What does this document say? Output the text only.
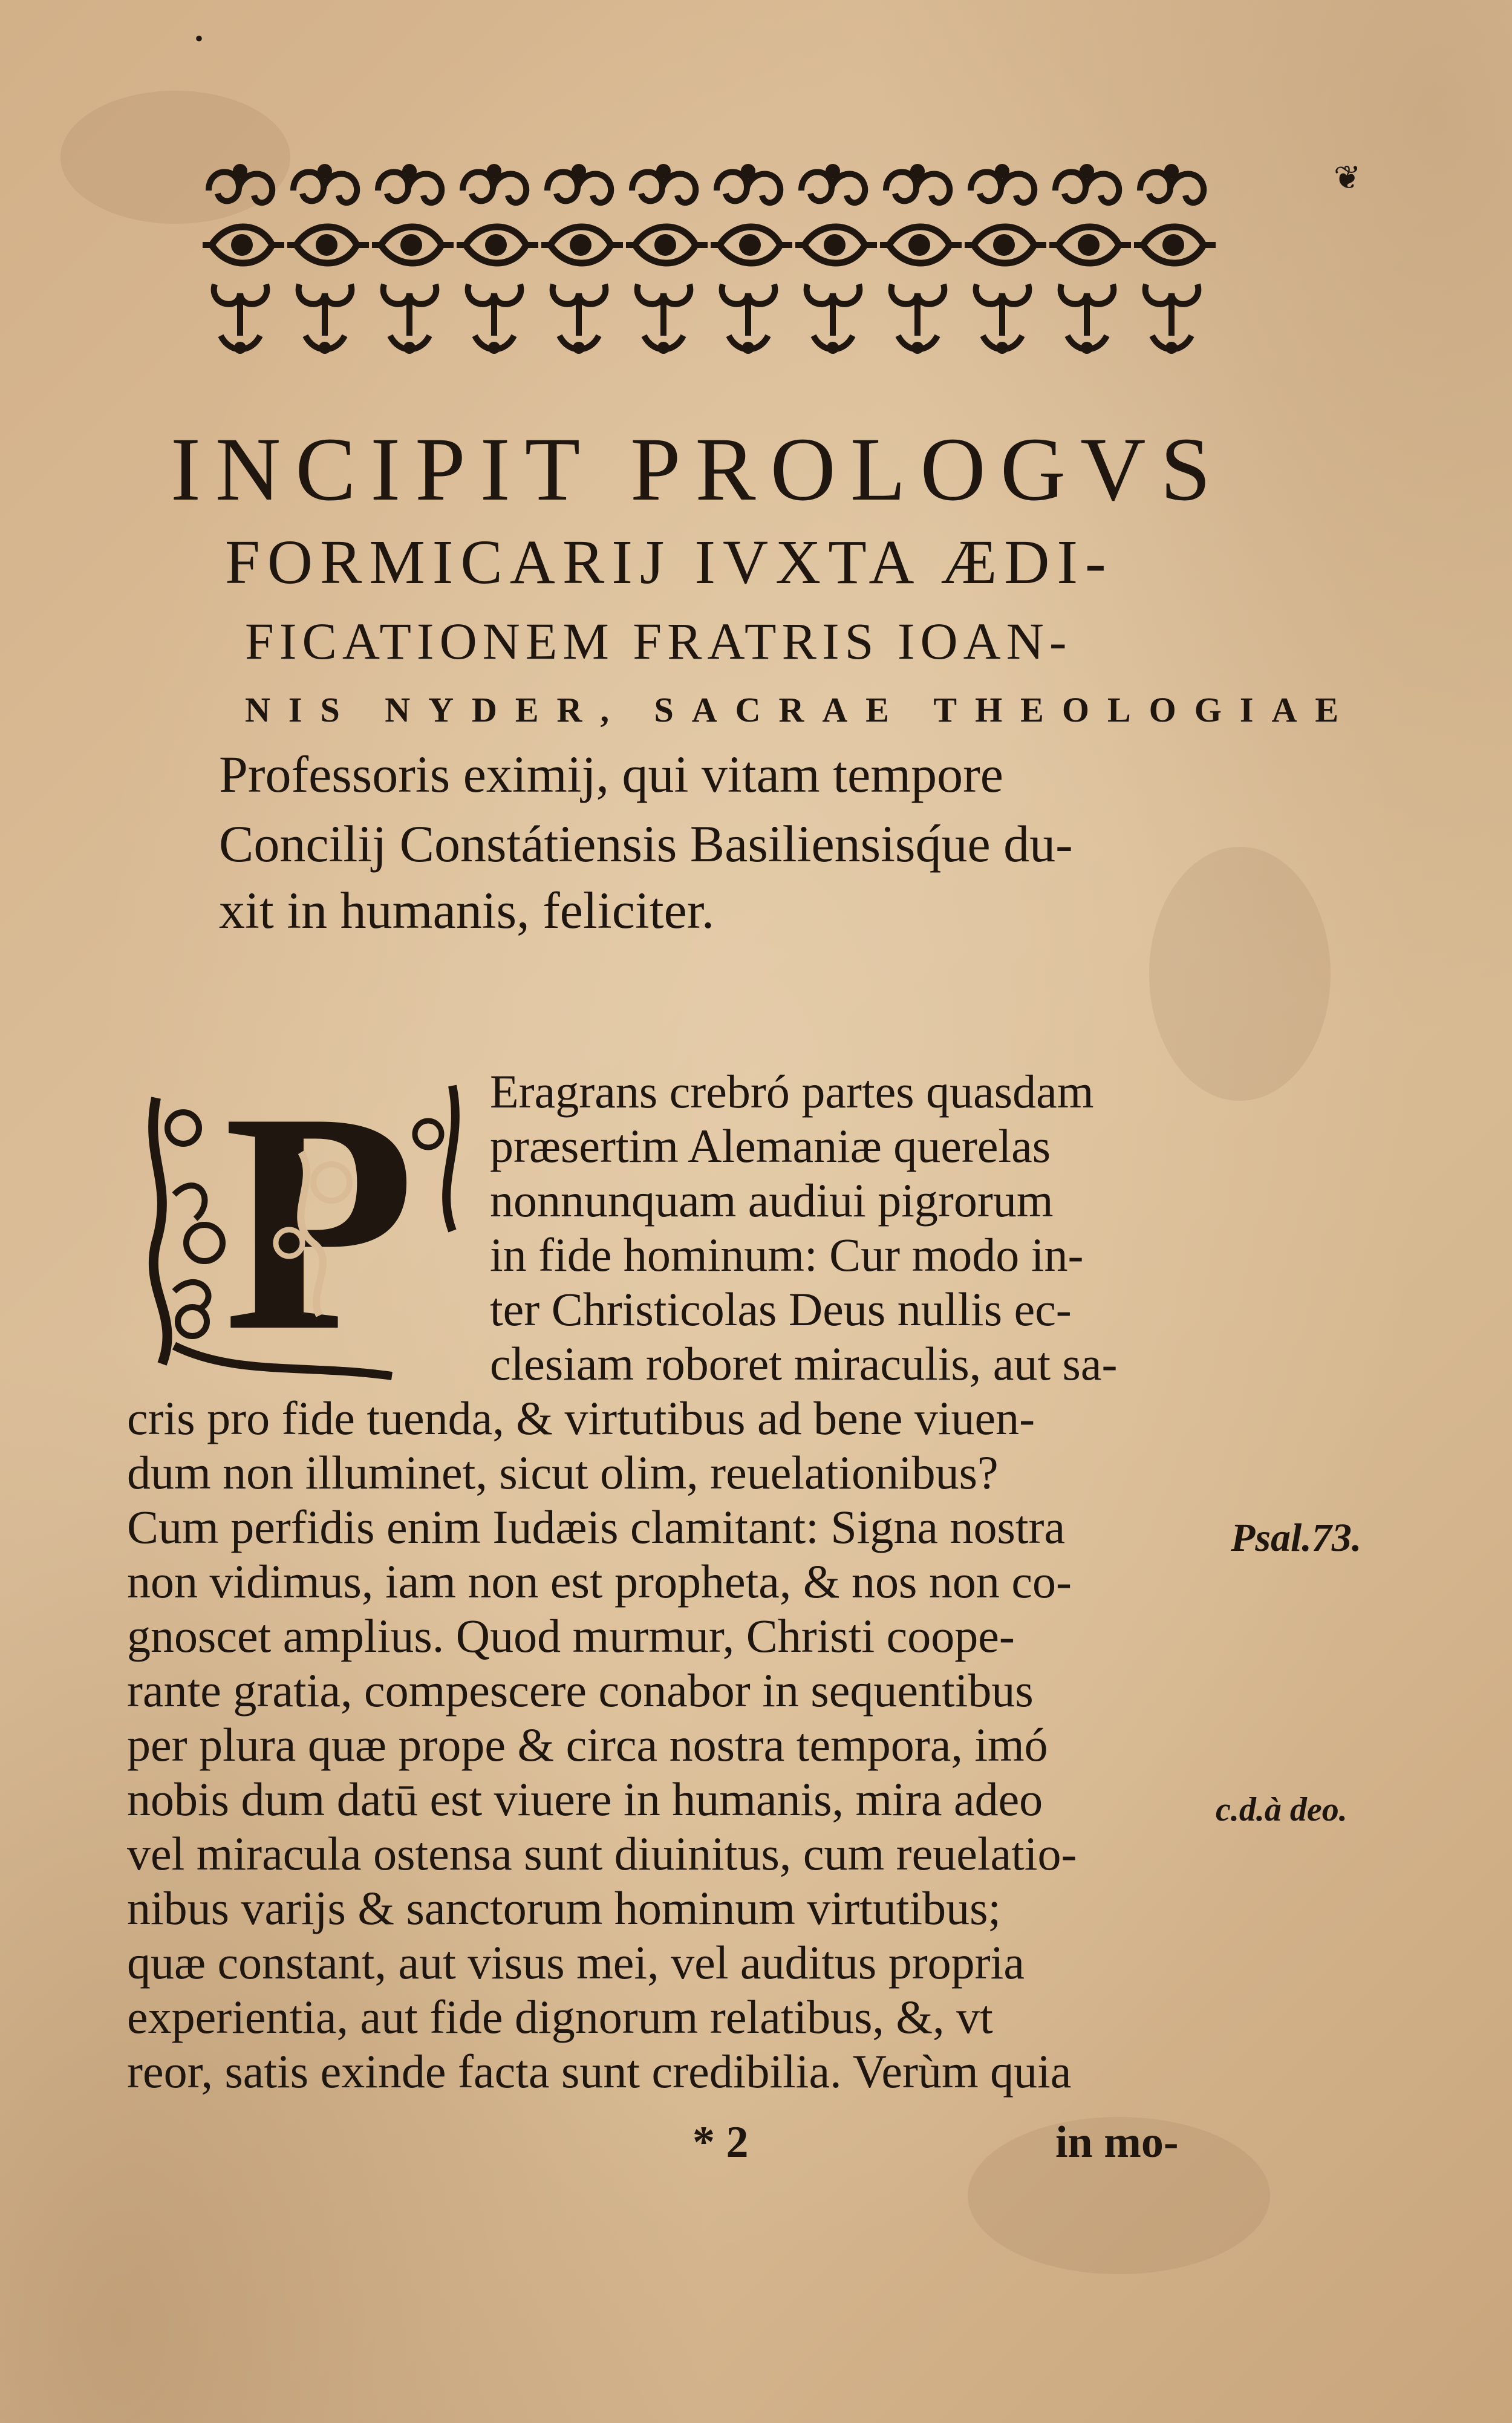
•
❦
INCIPIT PROLOGVS
FORMICARIJ IVXTA ÆDI-
FICATIONEM FRATRIS IOAN-
NIS NYDER, SACRAE THEOLOGIAE
Professoris eximij, qui vitam tempore
Concilij Constátiensis Basiliensisq́ue du-
xit in humanis, feliciter.
P Eragrans crebró partes quasdam
præsertim Alemaniæ querelas
nonnunquam audiui pigrorum
in fide hominum: Cur modo in-
ter Christicolas Deus nullis ec-
clesiam roboret miraculis, aut sa-
cris pro fide tuenda, & virtutibus ad bene viuen-
dum non illuminet, sicut olim, reuelationibus?
Cum perfidis enim Iudæis clamitant: Signa nostra
non vidimus, iam non est propheta, & nos non co-
gnoscet amplius. Quod murmur, Christi coope-
rante gratia, compescere conabor in sequentibus
per plura quæ prope & circa nostra tempora, imó
nobis dum datū est viuere in humanis, mira adeo
vel miracula ostensa sunt diuinitus, cum reuelatio-
nibus varijs & sanctorum hominum virtutibus;
quæ constant, aut visus mei, vel auditus propria
experientia, aut fide dignorum relatibus, &, vt
reor, satis exinde facta sunt credibilia. Verùm quia
Psal.73.
c.d.à deo.
* 2	in mo-
